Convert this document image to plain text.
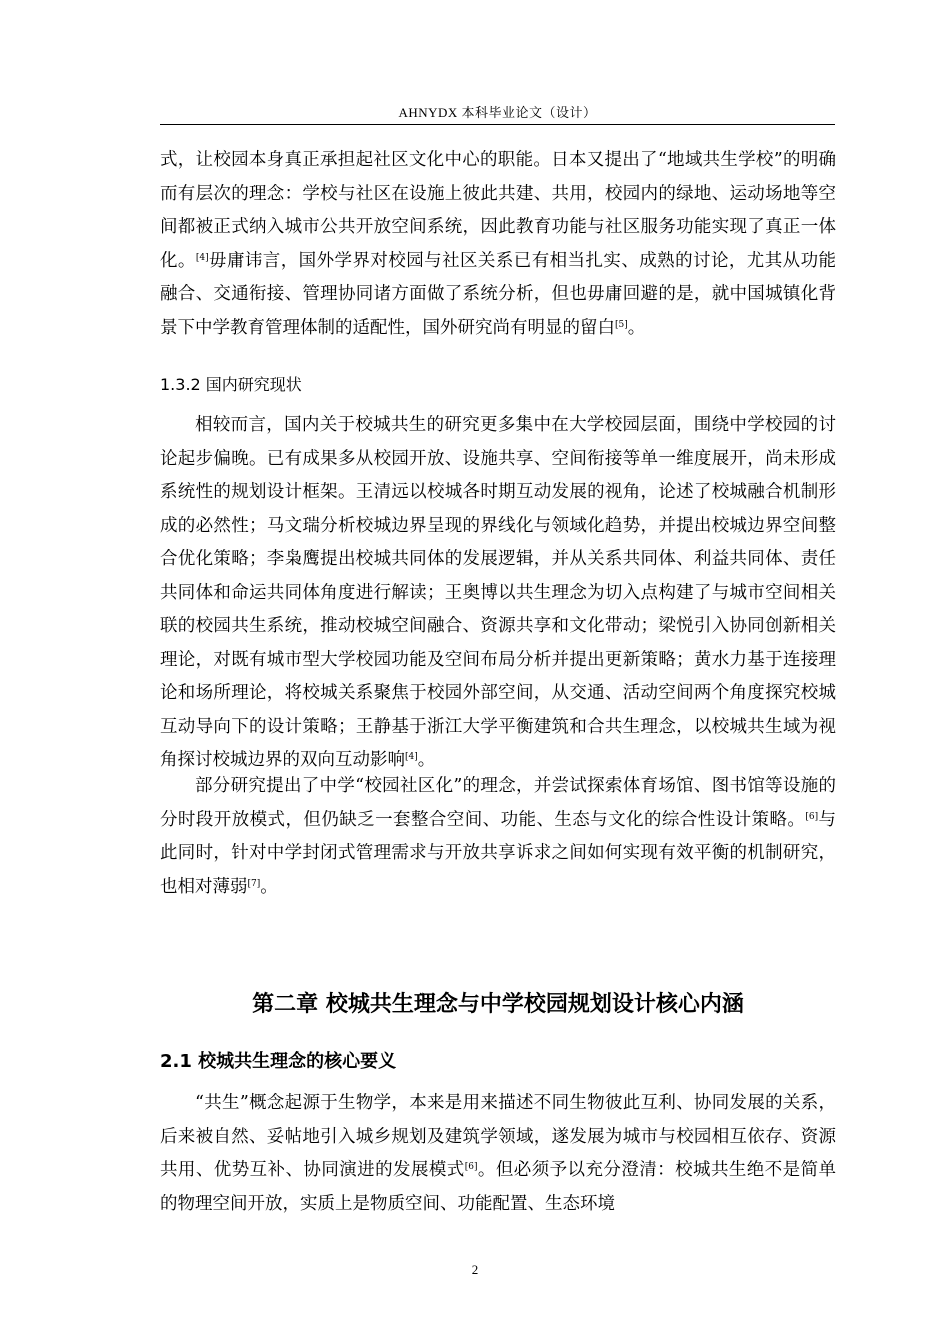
AHNYDX 本科毕业论文（设计）
式，让校园本身真正承担起社区文化中心的职能。日本又提出了“地域共生学校”的明确而有层次的理念：学校与社区在设施上彼此共建、共用，校园内的绿地、运动场地等空间都被正式纳入城市公共开放空间系统，因此教育功能与社区服务功能实现了真正一体化。[4]毋庸讳言，国外学界对校园与社区关系已有相当扎实、成熟的讨论，尤其从功能融合、交通衔接、管理协同诸方面做了系统分析，但也毋庸回避的是，就中国城镇化背景下中学教育管理体制的适配性，国外研究尚有明显的留白[5]。
1.3.2 国内研究现状
相较而言，国内关于校城共生的研究更多集中在大学校园层面，围绕中学校园的讨论起步偏晚。已有成果多从校园开放、设施共享、空间衔接等单一维度展开，尚未形成系统性的规划设计框架。王清远以校城各时期互动发展的视角，论述了校城融合机制形成的必然性；马文瑞分析校城边界呈现的界线化与领域化趋势，并提出校城边界空间整合优化策略；李枭鹰提出校城共同体的发展逻辑，并从关系共同体、利益共同体、责任共同体和命运共同体角度进行解读；王奥博以共生理念为切入点构建了与城市空间相关联的校园共生系统，推动校城空间融合、资源共享和文化带动；梁悦引入协同创新相关理论，对既有城市型大学校园功能及空间布局分析并提出更新策略；黄水力基于连接理论和场所理论，将校城关系聚焦于校园外部空间，从交通、活动空间两个角度探究校城互动导向下的设计策略；王静基于浙江大学平衡建筑和合共生理念，以校城共生域为视角探讨校城边界的双向互动影响[4]。
部分研究提出了中学“校园社区化”的理念，并尝试探索体育场馆、图书馆等设施的分时段开放模式，但仍缺乏一套整合空间、功能、生态与文化的综合性设计策略。[6]与此同时，针对中学封闭式管理需求与开放共享诉求之间如何实现有效平衡的机制研究，也相对薄弱[7]。
第二章 校城共生理念与中学校园规划设计核心内涵
2.1 校城共生理念的核心要义
“共生”概念起源于生物学，本来是用来描述不同生物彼此互利、协同发展的关系，后来被自然、妥帖地引入城乡规划及建筑学领域，遂发展为城市与校园相互依存、资源共用、优势互补、协同演进的发展模式[6]。但必须予以充分澄清：校城共生绝不是简单的物理空间开放，实质上是物质空间、功能配置、生态环境
2
